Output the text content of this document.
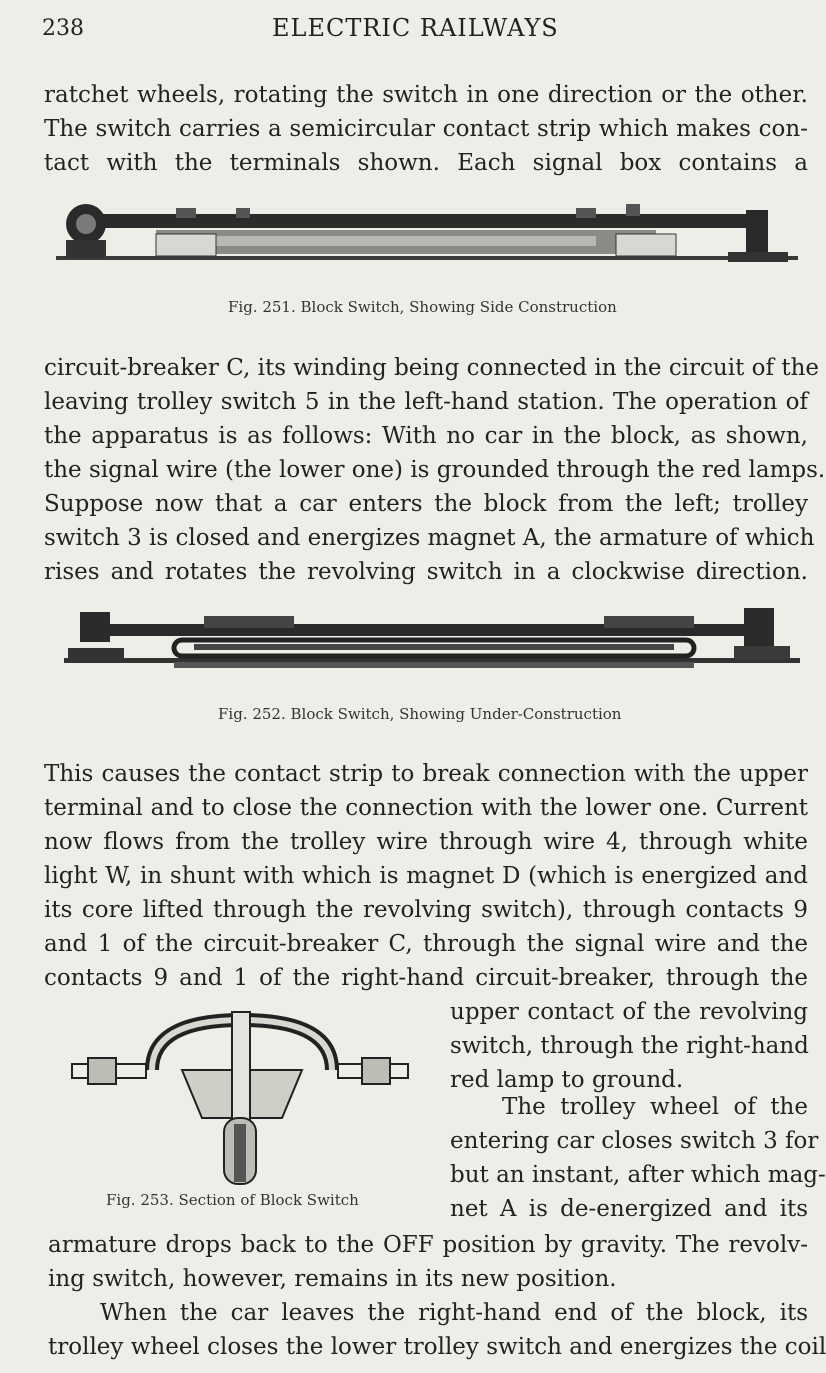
238	ELECTRIC RAILWAYS
ratchet wheels, rotating the switch in one direction or the other.
The switch carries a semicircular contact strip which makes con-
tact with the terminals shown. Each signal box contains a
Fig. 251. Block Switch, Showing Side Construction
circuit-breaker C, its winding being connected in the circuit of the
leaving trolley switch 5 in the left-hand station. The operation of
the apparatus is as follows: With no car in the block, as shown,
the signal wire (the lower one) is grounded through the red lamps.
Suppose now that a car enters the block from the left; trolley
switch 3 is closed and energizes magnet A, the armature of which
rises and rotates the revolving switch in a clockwise direction.
Fig. 252. Block Switch, Showing Under-Construction
This causes the contact strip to break connection with the upper
terminal and to close the connection with the lower one. Current
now flows from the trolley wire through wire 4, through white
light W, in shunt with which is magnet D (which is energized and
its core lifted through the revolving switch), through contacts 9
and 1 of the circuit-breaker C, through the signal wire and the
contacts 9 and 1 of the right-hand circuit-breaker, through the
upper contact of the revolving
switch, through the right-hand
red lamp to ground.
Fig. 253. Section of Block Switch
The trolley wheel of the
entering car closes switch 3 for
but an instant, after which mag-
net A is de-energized and its
armature drops back to the OFF position by gravity. The revolv-
ing switch, however, remains in its new position.
When the car leaves the right-hand end of the block, its
trolley wheel closes the lower trolley switch and energizes the coil
